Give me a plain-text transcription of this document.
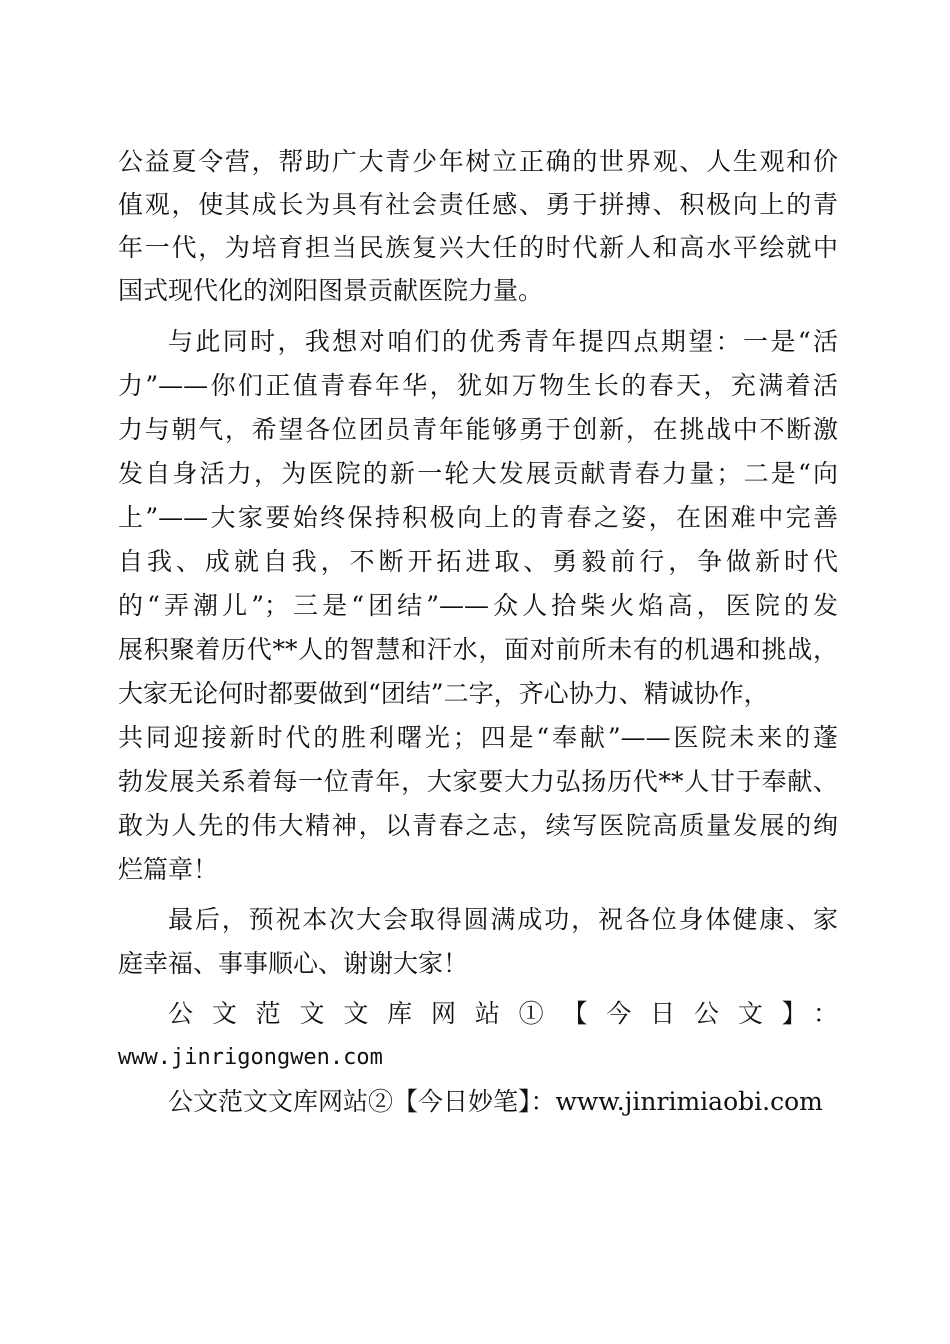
公益夏令营，帮助广大青少年树立正确的世界观、人生观和价
值观，使其成长为具有社会责任感、勇于拼搏、积极向上的青
年一代，为培育担当民族复兴大任的时代新人和高水平绘就中
国式现代化的浏阳图景贡献医院力量。
与此同时，我想对咱们的优秀青年提四点期望：一是“活
力”——你们正值青春年华，犹如万物生长的春天，充满着活
力与朝气，希望各位团员青年能够勇于创新，在挑战中不断激
发自身活力，为医院的新一轮大发展贡献青春力量；二是“向
上”——大家要始终保持积极向上的青春之姿，在困难中完善
自我、成就自我，不断开拓进取、勇毅前行，争做新时代
的“弄潮儿”；三是“团结”——众人拾柴火焰高，医院的发
展积聚着历代**人的智慧和汗水，面对前所未有的机遇和挑战，
大家无论何时都要做到“团结”二字，齐心协力、精诚协作，
共同迎接新时代的胜利曙光；四是“奉献”——医院未来的蓬
勃发展关系着每一位青年，大家要大力弘扬历代**人甘于奉献、
敢为人先的伟大精神，以青春之志，续写医院高质量发展的绚
烂篇章！
最后，预祝本次大会取得圆满成功，祝各位身体健康、家
庭幸福、事事顺心、谢谢大家！
公文范文文库网站①【今日公文】：
www.jinrigongwen.com
公文范文文库网站②【今日妙笔】：www.jinrimiaobi.com
